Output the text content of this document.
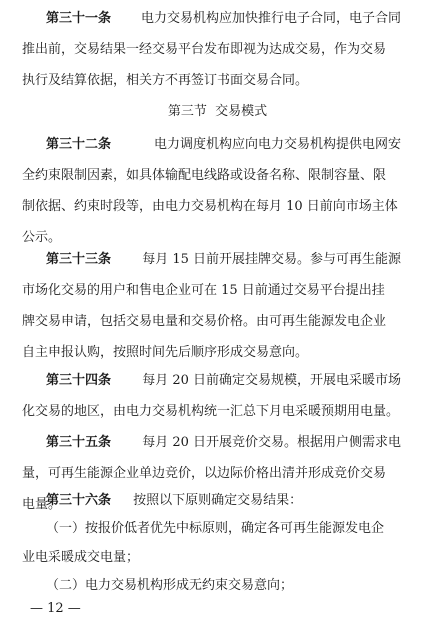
第三十一条 电力交易机构应加快推行电子合同，电子合同
推出前，交易结果一经交易平台发布即视为达成交易，作为交易
执行及结算依据，相关方不再签订书面交易合同。
第三节  交易模式
第三十二条	电力调度机构应向电力交易机构提供电网安
全约束限制因素，如具体输配电线路或设备名称、限制容量、限
制依据、约束时段等，由电力交易机构在每月 10 日前向市场主体
公示。
第三十三条 每月 15 日前开展挂牌交易。参与可再生能源
市场化交易的用户和售电企业可在 15 日前通过交易平台提出挂
牌交易申请，包括交易电量和交易价格。由可再生能源发电企业
自主申报认购，按照时间先后顺序形成交易意向。
第三十四条 每月 20 日前确定交易规模，开展电采暖市场
化交易的地区，由电力交易机构统一汇总下月电采暖预期用电量。
第三十五条 每月 20 日开展竞价交易。根据用户侧需求电
量，可再生能源企业单边竞价，以边际价格出清并形成竞价交易
电量。
第三十六条 按照以下原则确定交易结果：
（一）按报价低者优先中标原则，确定各可再生能源发电企
业电采暖成交电量；
（二）电力交易机构形成无约束交易意向；
— 12 —
